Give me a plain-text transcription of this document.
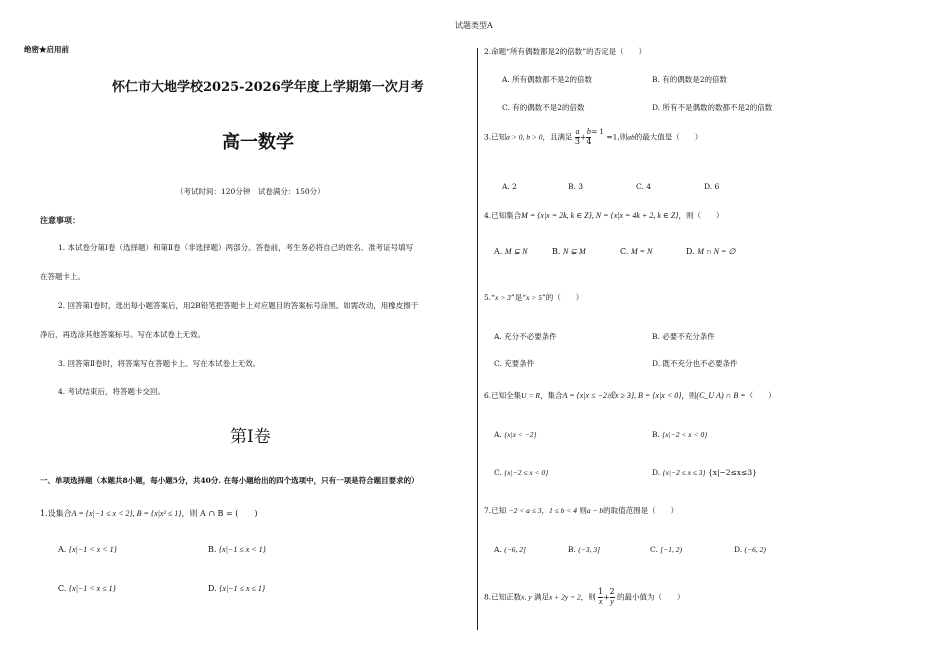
试题类型A
绝密★启用前
怀仁市大地学校2025-2026学年度上学期第一次月考
高一数学
（考试时间：120分钟　试卷满分：150分）
注意事项：
1. 本试卷分第Ⅰ卷（选择题）和第Ⅱ卷（非选择题）两部分。答卷前，考生务必将自己的姓名、准考证号填写
在答题卡上。
2. 回答第Ⅰ卷时，选出每小题答案后，用2B铅笔把答题卡上对应题目的答案标号涂黑。如需改动，用橡皮擦干
净后，再选涂其他答案标号。写在本试卷上无效。
3. 回答第Ⅱ卷时，将答案写在答题卡上。写在本试卷上无效。
4. 考试结束后，将答题卡交回。
第Ⅰ卷
一、单项选择题（本题共8小题，每小题5分，共40分. 在每小题给出的四个选项中，只有一项是符合题目要求的）
1.设集合A = {x|−1 ≤ x < 2}, B = {x|x² ≤ 1}，则 A ∩ B = (　　)
A. {x|−1 < x < 1}	B. {x|−1 ≤ x < 1}
C. {x|−1 < x ≤ 1}	D. {x|−1 ≤ x ≤ 1}
2.命题“所有偶数都是2的倍数”的否定是（　　）
A. 所有偶数都不是2的倍数	B. 有的偶数是2的倍数
C. 有的偶数不是2的倍数	D. 所有不是偶数的数都不是2的倍数
3.已知a > 0, b > 0，且满足 $\frac{a}{3} + \frac{b}{4} = 1 =1$,则ab的最大值是（　　）
A. 2	B. 3	C. 4	D. 6
4.已知集合M = {x|x = 2k, k ∈ Z}, N = {x|x = 4k + 2, k ∈ Z}，则（　　）
A. M ⊊ N	B. N ⊊ M	C. M = N	D. M ∩ N = ∅
5.“x > 3”是“x > 5”的（　　）
A. 充分不必要条件	B. 必要不充分条件
C. 充要条件	D. 既不充分也不必要条件
6.已知全集U = R，集合A = {x|x ≤ −2或x ≥ 3}, B = {x|x < 0}，则(C_U A) ∩ B =（　　）
A. {x|x < −2}	B. {x|−2 < x < 0}
C. {x|−2 ≤ x < 0}	D. {x|−2 ≤ x ≤ 3} {x|−2≤x≤3}
7.已知 −2 < a ≤ 3，1 ≤ b < 4 则a − b的取值范围是（　　）
A. (−6, 2]	B. (−3, 3]	C. [−1, 2)	D. (−6, 2)
8.已知正数x, y 满足x + 2y = 2，则 $\frac{1}{x} + \frac{2}{y}$ 的最小值为（　　）
